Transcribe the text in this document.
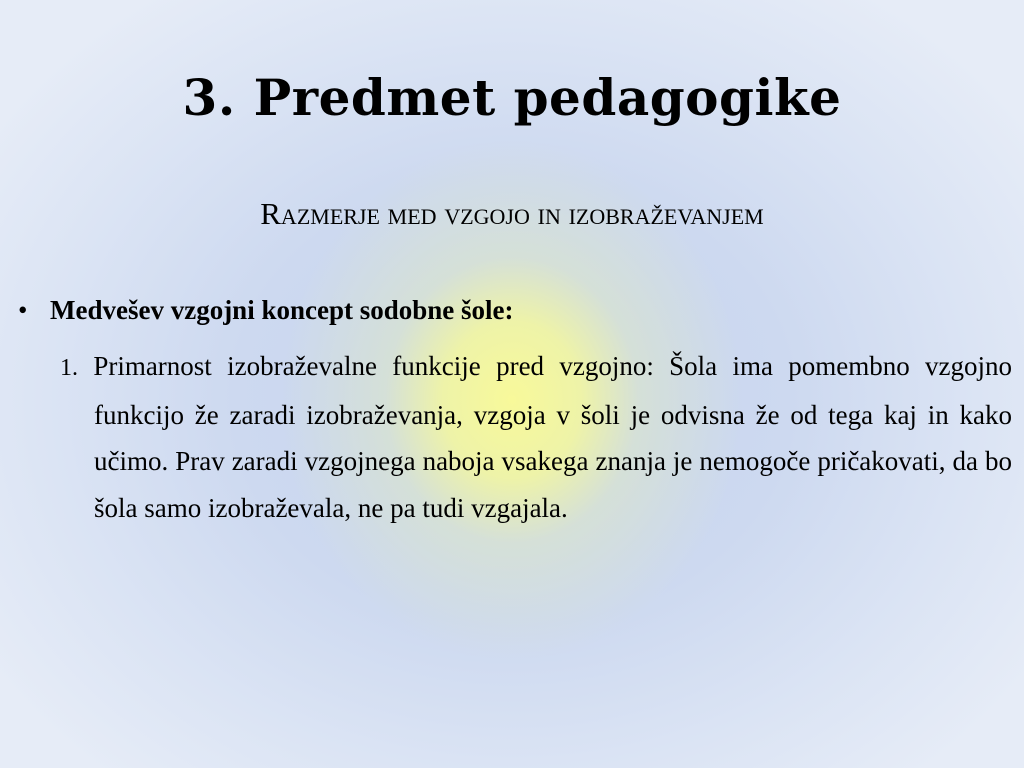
3. Predmet pedagogike
Razmerje med vzgojo in izobraževanjem
• Medvešev vzgojni koncept sodobne šole:
1. Primarnost izobraževalne funkcije pred vzgojno: Šola ima pomembno vzgojno funkcijo že zaradi izobraževanja, vzgoja v šoli je odvisna že od tega kaj in kako učimo. Prav zaradi vzgojnega naboja vsakega znanja je nemogoče pričakovati, da bo šola samo izobraževala, ne pa tudi vzgajala.
